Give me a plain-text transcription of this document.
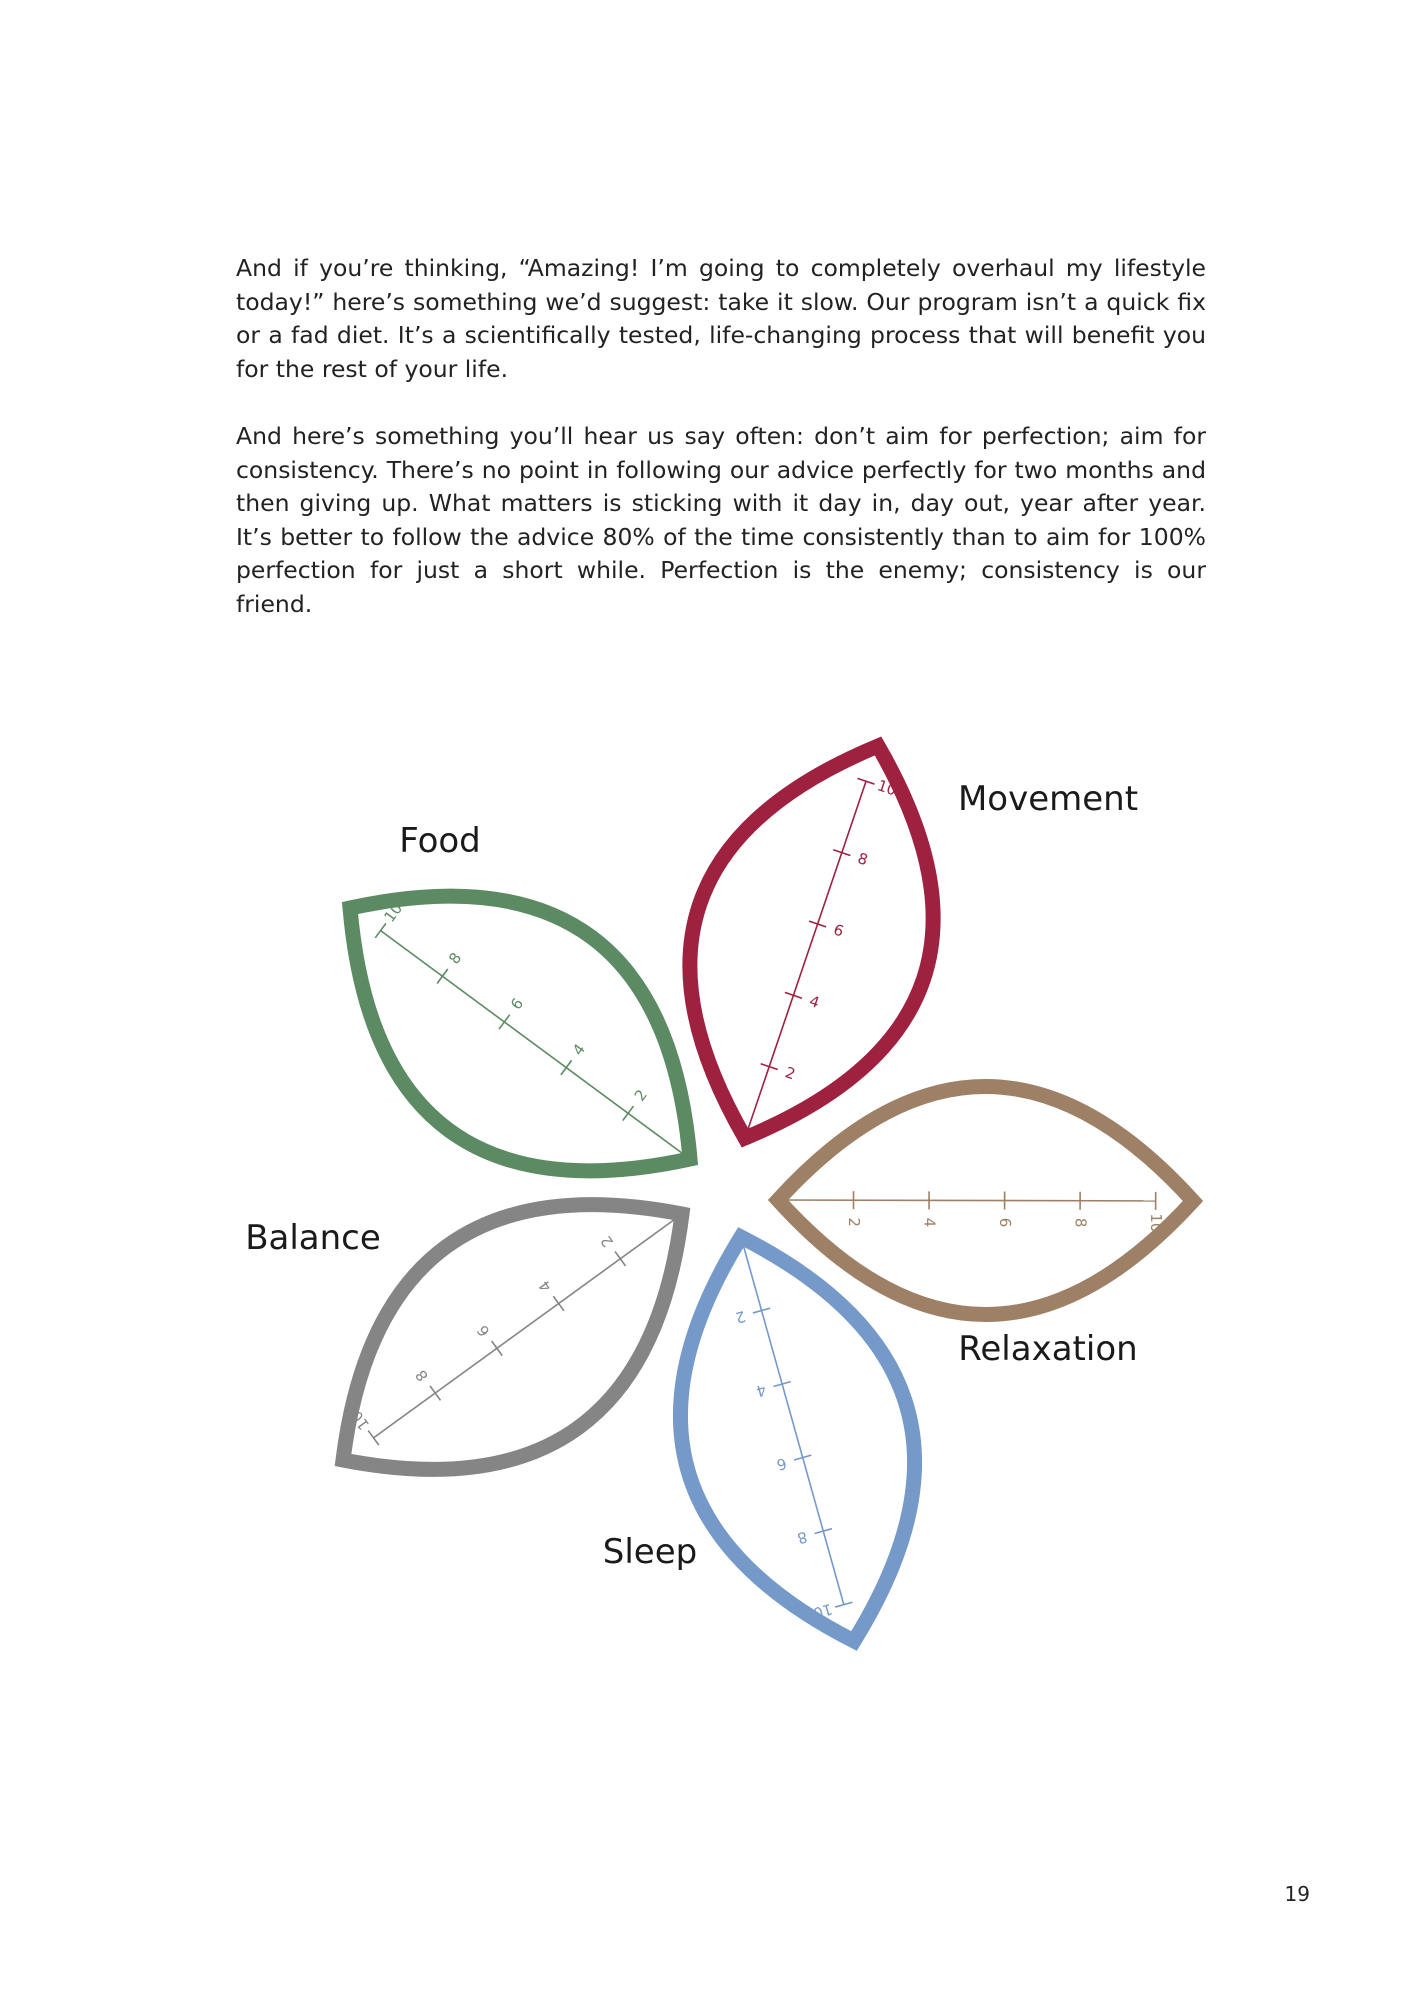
And if you’re thinking, “Amazing! I’m going to completely overhaul my lifestyle today!” here’s something we’d suggest: take it slow. Our program isn’t a quick fix or a fad diet. It’s a scientifically tested, life-changing process that will benefit you for the rest of your life.

And here’s something you’ll hear us say often: don’t aim for perfection; aim for consistency. There’s no point in following our advice perfectly for two months and then giving up. What matters is sticking with it day in, day out, year after year. It’s better to follow the advice 80% of the time consistently than to aim for 100% perfection for just a short while. Perfection is the enemy; consistency is our friend.

2
4
6
8
10 Movement
2	4	6	8	10
Relaxation
2
4
6
8
10
Sleep
2
4
6
8
10
Balance
2
4
6
8
10
Food
19
